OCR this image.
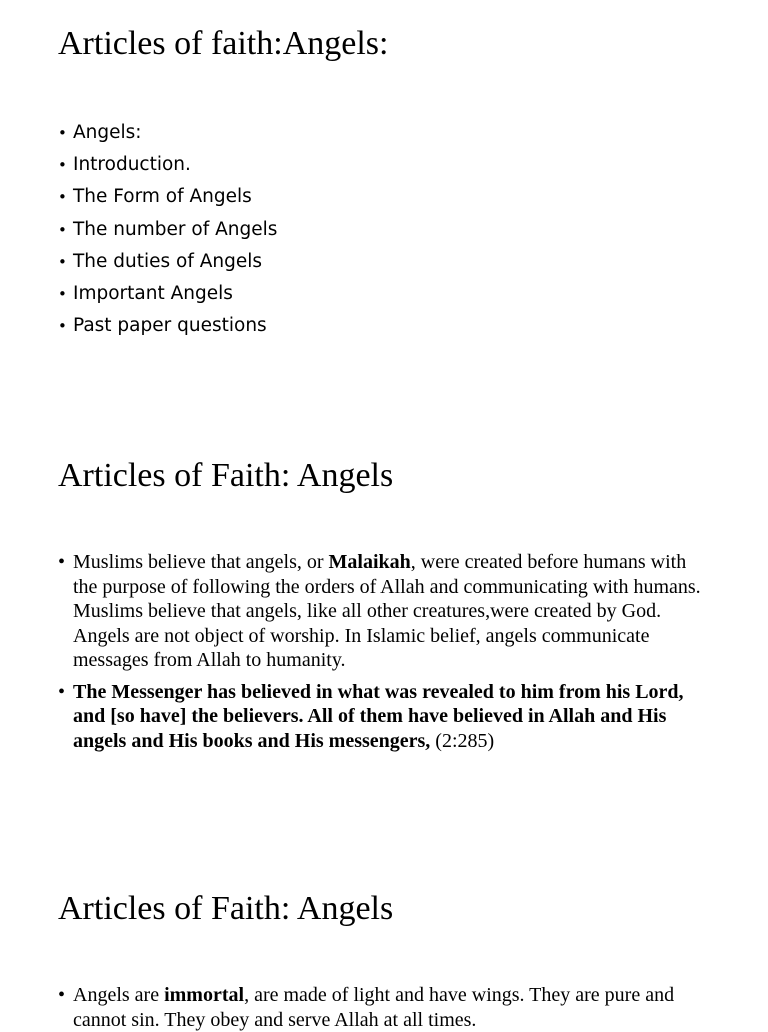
Articles of faith:Angels:
• Angels:
• Introduction.
• The Form of Angels
• The number of Angels
• The duties of Angels
• Important Angels
• Past paper questions
Articles of Faith: Angels
• Muslims believe that angels, or Malaikah, were created before humans with the purpose of following the orders of Allah and communicating with humans. Muslims believe that angels, like all other creatures,were created by God. Angels are not object of worship. In Islamic belief, angels communicate messages from Allah to humanity.
• The Messenger has believed in what was revealed to him from his Lord, and [so have] the believers. All of them have believed in Allah and His angels and His books and His messengers, (2:285)
Articles of Faith: Angels
• Angels are immortal, are made of light and have wings. They are pure and cannot sin. They obey and serve Allah at all times.
